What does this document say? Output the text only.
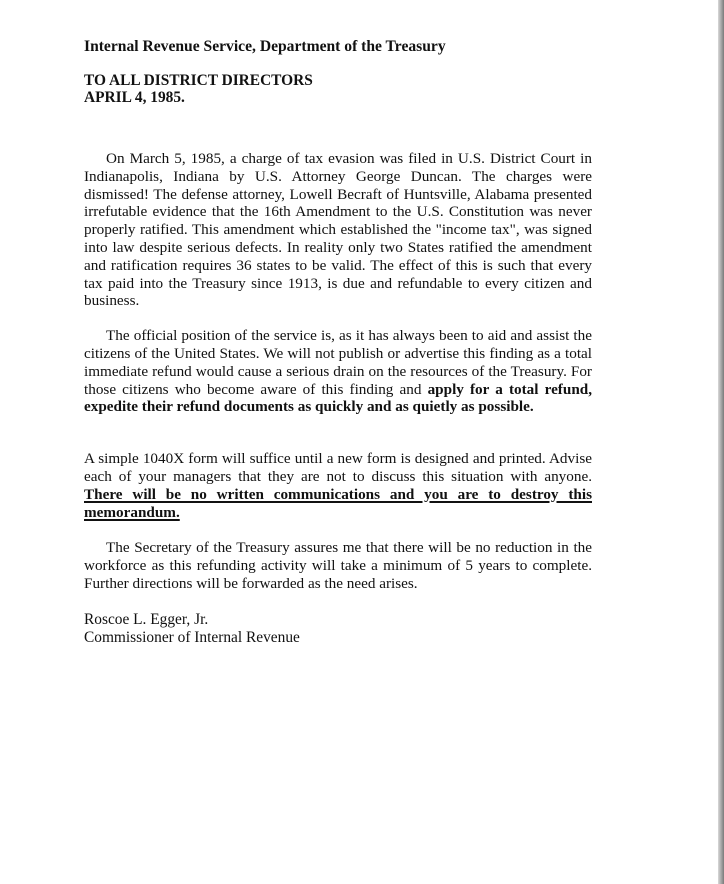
Internal Revenue Service, Department of the Treasury

TO ALL DISTRICT DIRECTORS

APRIL 4, 1985.

On March 5, 1985, a charge of tax evasion was filed in U.S. District Court in Indianapolis, Indiana by U.S. Attorney George Duncan. The charges were dismissed! The defense attorney, Lowell Becraft of Huntsville, Alabama presented irrefutable evidence that the 16th Amendment to the U.S. Constitution was never properly ratified. This amendment which established the "income tax", was signed into law despite serious defects. In reality only two States ratified the amendment and ratification requires 36 states to be valid. The effect of this is such that every tax paid into the Treasury since 1913, is due and refundable to every citizen and business.

The official position of the service is, as it has always been to aid and assist the citizens of the United States. We will not publish or advertise this finding as a total immediate refund would cause a serious drain on the resources of the Treasury. For those citizens who become aware of this finding and apply for a total refund, expedite their refund documents as quickly and as quietly as possible.

A simple 1040X form will suffice until a new form is designed and printed. Advise each of your managers that they are not to discuss this situation with anyone. There will be no written communications and you are to destroy this memorandum.

The Secretary of the Treasury assures me that there will be no reduction in the workforce as this refunding activity will take a minimum of 5 years to complete. Further directions will be forwarded as the need arises.

Roscoe L. Egger, Jr.
Commissioner of Internal Revenue
